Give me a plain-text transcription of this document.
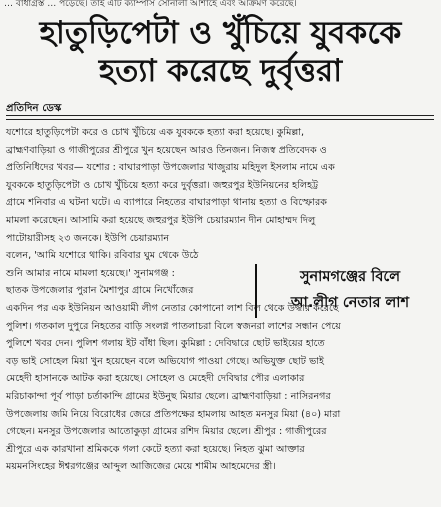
… বাধাগ্রস্ত … পড়েছে। তাই এটি ক্যাম্পাস সোনালী আশাহে এবং আক্রমণ করেছে।
হাতুড়িপেটা ও খুঁচিয়ে যুবককে
হত্যা করেছে দুর্বৃত্তরা
প্রতিদিন ডেস্ক
যশোরে হাতুড়িপেটা করে ও চোখ খুঁচিয়ে এক যুবককে হত্যা করা হয়েছে। কুমিল্লা,
ব্রাহ্মণবাড়িয়া ও গাজীপুরের শ্রীপুরে খুন হয়েছেন আরও তিনজন। নিজস্ব প্রতিবেদক ও
প্রতিনিধিদের খবর— যশোর : বাঘারপাড়া উপজেলার খাজুরায় মহিদুল ইসলাম নামে এক
যুবককে হাতুড়িপেটা ও চোখ খুঁচিয়ে হত্যা করে দুর্বৃত্তরা। জহুরপুর ইউনিয়নের হলিহট্ট
গ্রামে শনিবার এ ঘটনা ঘটে। এ ব্যাপারে নিহতের বাঘারপাড়া থানায় হত্যা ও বিস্ফোরক
মামলা করেছেন। আসামি করা হয়েছে জহুরপুর ইউপি চেয়ারম্যান দীন মোহাম্মদ দিলু
পাটোয়ারীসহ ২৩ জনকে। ইউপি চেয়ারম্যান
বলেন, 'আমি যশোরে থাকি। রবিবার ঘুম থেকে উঠে
শুনি আমার নামে মামলা হয়েছে।' সুনামগঞ্জ :
ছাতক উপজেলার পুরান মৈশাপুর গ্রামে নিখোঁজের
একদিন পর এক ইউনিয়ন আওয়ামী লীগ নেতার কোপানো লাশ বিল থেকে উদ্ধার করেছে
পুলিশ। গতকাল দুপুরে নিহতের বাড়ি সংলগ্ন পাতলাচরা বিলে স্বজনরা লাশের সন্ধান পেয়ে
পুলিশে খবর দেন। পুলিশ গলায় ইট বাঁধা ছিল। কুমিল্লা : দেবিদ্বারে ছোট ভাইয়ের হাতে
বড় ভাই সোহেল মিয়া খুন হয়েছেন বলে অভিযোগ পাওয়া গেছে। অভিযুক্ত ছোট ভাই
মেহেদী হাসানকে আটক করা হয়েছে। সোহেল ও মেহেদী দেবিদ্বার পৌর এলাকার
মরিচাকান্দা পূর্ব পাড়া চর্তাকান্দি গ্রামের ইউনুছ মিয়ার ছেলে। ব্রাহ্মণবাড়িয়া : নাসিরনগর
উপজেলায় জমি নিয়ে বিরোধের জেরে প্রতিপক্ষের হামলায় আহত মনসুর মিয়া (৪০) মারা
গেছেন। মনসুর উপজেলার আতোকুড়া গ্রামের রশিদ মিয়ার ছেলে। শ্রীপুর : গাজীপুরের
শ্রীপুরে এক কারখানা শ্রমিককে গলা কেটে হত্যা করা হয়েছে। নিহত ঝুমা আক্তার
ময়মনসিংহের ঈশ্বরগঞ্জের আব্দুল আজিজের মেয়ে শামীম আহমেদের স্ত্রী।
সুনামগঞ্জের বিলে
আ.লীগ নেতার লাশ
